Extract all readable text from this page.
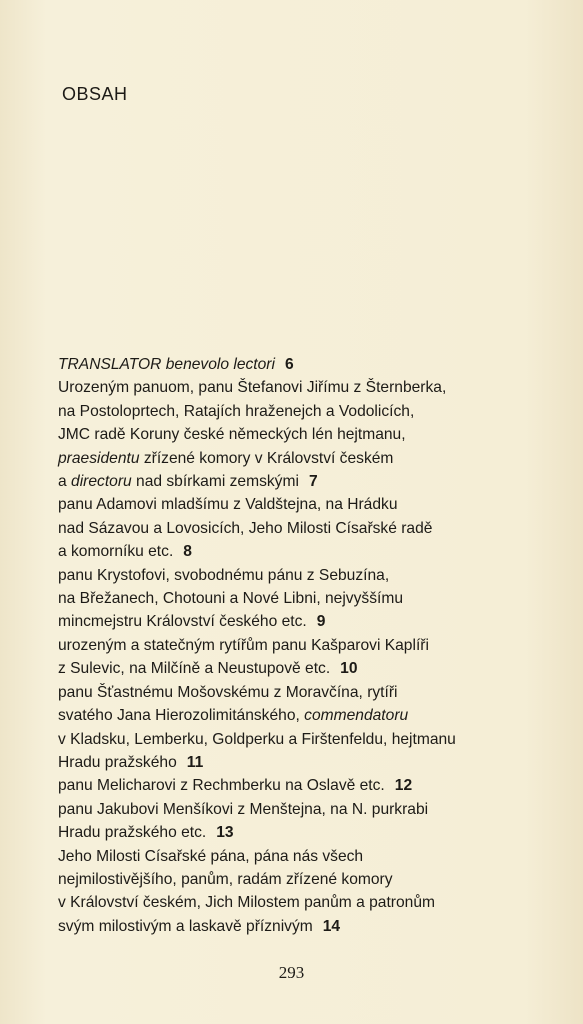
OBSAH
TRANSLATOR benevolo lectori 6
Urozeným panuom, panu Štefanovi Jiřímu z Šternberka,
na Postoloprtech, Ratajích hraženejch a Vodolicích,
JMC radě Koruny české německých lén hejtmanu,
praesidentu zřízené komory v Království českém
a directoru nad sbírkami zemskými 7
panu Adamovi mladšímu z Valdštejna, na Hrádku
nad Sázavou a Lovosicích, Jeho Milosti Císařské radě
a komorníku etc. 8
panu Krystofovi, svobodnému pánu z Sebuzína,
na Břežanech, Chotouni a Nové Libni, nejvyššímu
mincmejstru Království českého etc. 9
urozeným a statečným rytířům panu Kašparovi Kaplíři
z Sulevic, na Milčíně a Neustupově etc. 10
panu Šťastnému Mošovskému z Moravčína, rytíři
svatého Jana Hierozolimitánského, commendatoru
v Kladsku, Lemberku, Goldperku a Firštenfeldu, hejtmanu
Hradu pražského 11
panu Melicharovi z Rechmberku na Oslavě etc. 12
panu Jakubovi Menšíkovi z Menštejna, na N. purkrabi
Hradu pražského etc. 13
Jeho Milosti Císařské pána, pána nás všech
nejmilostivějšího, panům, radám zřízené komory
v Království českém, Jich Milostem panům a patronům
svým milostivým a laskavě příznivým 14
293
